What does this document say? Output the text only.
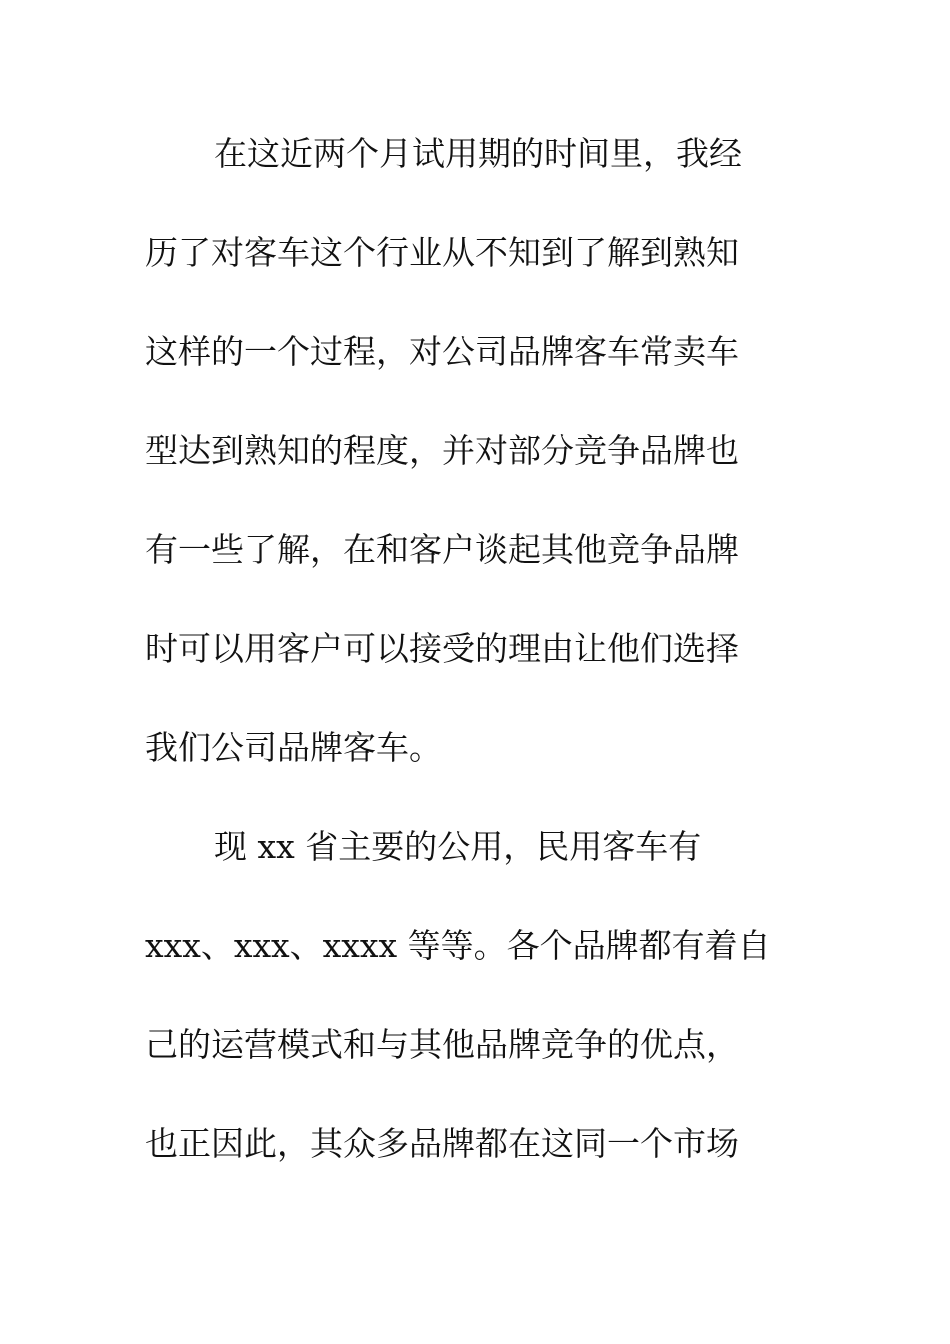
在这近两个月试用期的时间里，我经
历了对客车这个行业从不知到了解到熟知
这样的一个过程，对公司品牌客车常卖车
型达到熟知的程度，并对部分竞争品牌也
有一些了解，在和客户谈起其他竞争品牌
时可以用客户可以接受的理由让他们选择
我们公司品牌客车。
现 xx 省主要的公用，民用客车有
xxx、xxx、xxxx 等等。各个品牌都有着自
己的运营模式和与其他品牌竞争的优点，
也正因此，其众多品牌都在这同一个市场
